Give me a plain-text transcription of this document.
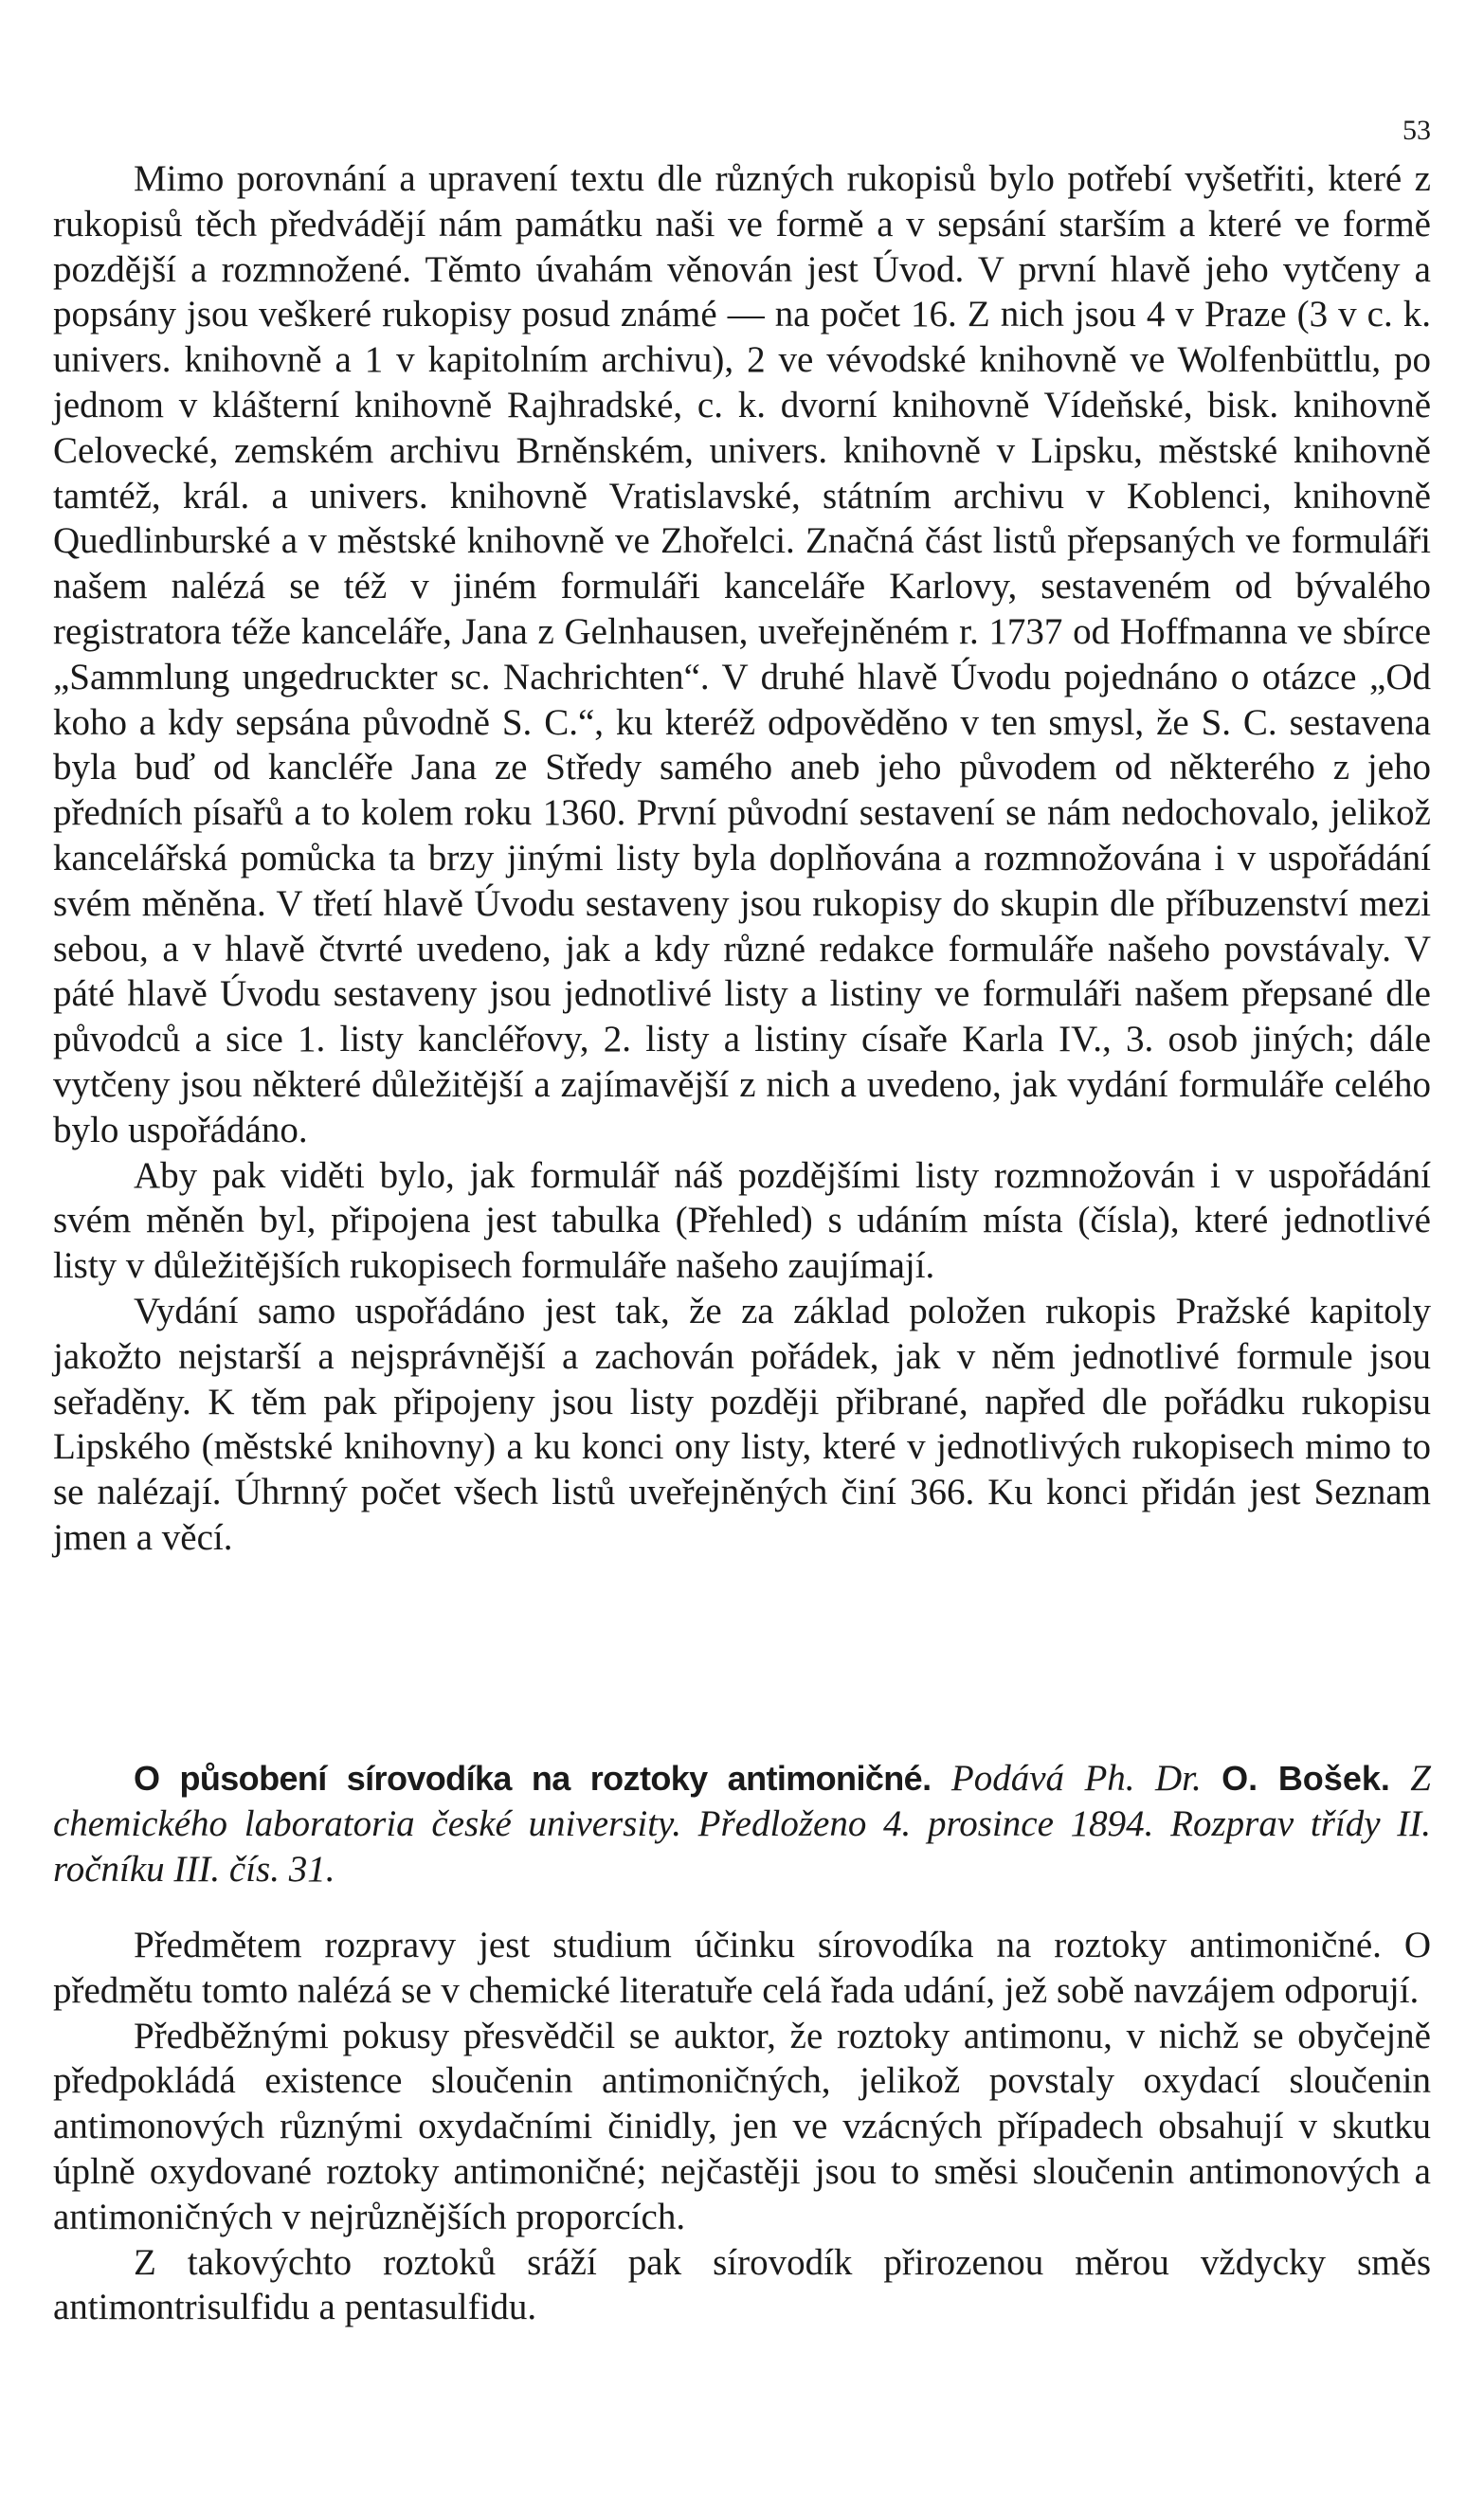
53

Mimo porovnání a upravení textu dle různých rukopisů bylo potřebí vyšetřiti, které z rukopisů těch předvádějí nám památku naši ve formě a v sepsání starším a které ve formě pozdější a rozmnožené. Těmto úvahám věnován jest Úvod. V první hlavě jeho vytčeny a popsány jsou veškeré rukopisy posud známé — na počet 16. Z nich jsou 4 v Praze (3 v c. k. univers. knihovně a 1 v kapitolním archivu), 2 ve vévodské knihovně ve Wolfenbüttlu, po jednom v klášterní knihovně Rajhradské, c. k. dvorní knihovně Vídeňské, bisk. knihovně Celovecké, zemském archivu Brněnském, univers. knihovně v Lipsku, městské knihovně tamtéž, král. a univers. knihovně Vratislavské, státním archivu v Koblenci, knihovně Quedlinburské a v městské knihovně ve Zhořelci. Značná část listů přepsaných ve formuláři našem nalézá se též v jiném formuláři kanceláře Karlovy, sestaveném od bývalého registratora téže kanceláře, Jana z Gelnhausen, uveřejněném r. 1737 od Hoffmanna ve sbírce „Sammlung ungedruckter sc. Nachrichten“. V druhé hlavě Úvodu pojednáno o otázce „Od koho a kdy sepsána původně S. C.“, ku kteréž odpověděno v ten smysl, že S. C. sestavena byla buď od kancléře Jana ze Středy samého aneb jeho původem od některého z jeho předních písařů a to kolem roku 1360. První původní sestavení se nám nedochovalo, jelikož kancelářská pomůcka ta brzy jinými listy byla doplňována a rozmnožována i v uspořádání svém měněna. V třetí hlavě Úvodu sestaveny jsou rukopisy do skupin dle příbuzenství mezi sebou, a v hlavě čtvrté uvedeno, jak a kdy různé redakce formuláře našeho povstávaly. V páté hlavě Úvodu sestaveny jsou jednotlivé listy a listiny ve formuláři našem přepsané dle původců a sice 1. listy kancléřovy, 2. listy a listiny císaře Karla IV., 3. osob jiných; dále vytčeny jsou některé důležitější a zajímavější z nich a uvedeno, jak vydání formuláře celého bylo uspořádáno.

Aby pak viděti bylo, jak formulář náš pozdějšími listy rozmnožován i v uspořádání svém měněn byl, připojena jest tabulka (Přehled) s udáním místa (čísla), které jednotlivé listy v důležitějších rukopisech formuláře našeho zaujímají.

Vydání samo uspořádáno jest tak, že za základ položen rukopis Pražské kapitoly jakožto nejstarší a nejsprávnější a zachován pořádek, jak v něm jednotlivé formule jsou seřaděny. K těm pak připojeny jsou listy později přibrané, napřed dle pořádku rukopisu Lipského (městské knihovny) a ku konci ony listy, které v jednotlivých rukopisech mimo to se nalézají. Úhrnný počet všech listů uveřejněných činí 366. Ku konci přidán jest Seznam jmen a věcí.

O působení sírovodíka na roztoky antimoničné. Podává Ph. Dr. O. Bošek. Z chemického laboratoria české university. Předloženo 4. prosince 1894. Rozprav třídy II. ročníku III. čís. 31.

Předmětem rozpravy jest studium účinku sírovodíka na roztoky antimoničné. O předmětu tomto nalézá se v chemické literatuře celá řada udání, jež sobě navzájem odporují.

Předběžnými pokusy přesvědčil se auktor, že roztoky antimonu, v nichž se obyčejně předpokládá existence sloučenin antimoničných, jelikož povstaly oxydací sloučenin antimonových různými oxydačními činidly, jen ve vzácných případech obsahují v skutku úplně oxydované roztoky antimoničné; nejčastěji jsou to směsi sloučenin antimonových a antimoničných v nejrůznějších proporcích.

Z takovýchto roztoků sráží pak sírovodík přirozenou měrou vždycky směs antimontrisulfidu a pentasulfidu.
